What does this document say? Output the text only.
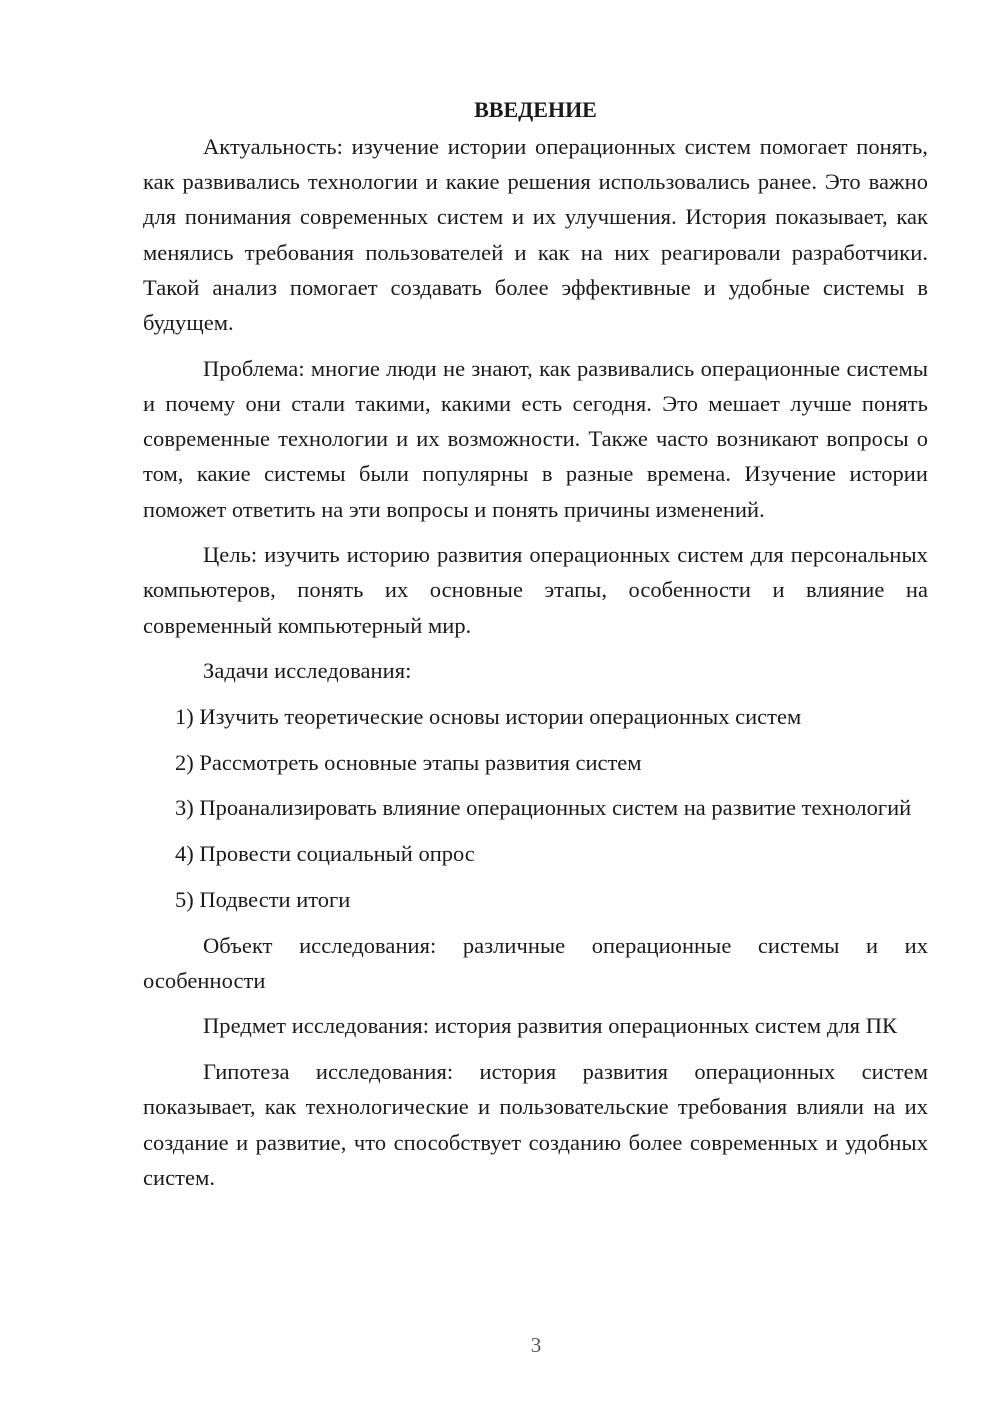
ВВЕДЕНИЕ

Актуальность: изучение истории операционных систем помогает понять, как развивались технологии и какие решения использовались ранее. Это важно для понимания современных систем и их улучшения. История показывает, как менялись требования пользователей и как на них реагировали разработчики. Такой анализ помогает создавать более эффективные и удобные системы в будущем.

Проблема: многие люди не знают, как развивались операционные системы и почему они стали такими, какими есть сегодня. Это мешает лучше понять современные технологии и их возможности. Также часто возникают вопросы о том, какие системы были популярны в разные времена. Изучение истории поможет ответить на эти вопросы и понять причины изменений.

Цель: изучить историю развития операционных систем для персональных компьютеров, понять их основные этапы, особенности и влияние на современный компьютерный мир.

Задачи исследования:

1) Изучить теоретические основы истории операционных систем

2) Рассмотреть основные этапы развития систем

3) Проанализировать влияние операционных систем на развитие технологий

4) Провести социальный опрос

5) Подвести итоги

Объект исследования: различные операционные системы и их особенности

Предмет исследования: история развития операционных систем для ПК

Гипотеза исследования: история развития операционных систем показывает, как технологические и пользовательские требования влияли на их создание и развитие, что способствует созданию более современных и удобных систем.

3
